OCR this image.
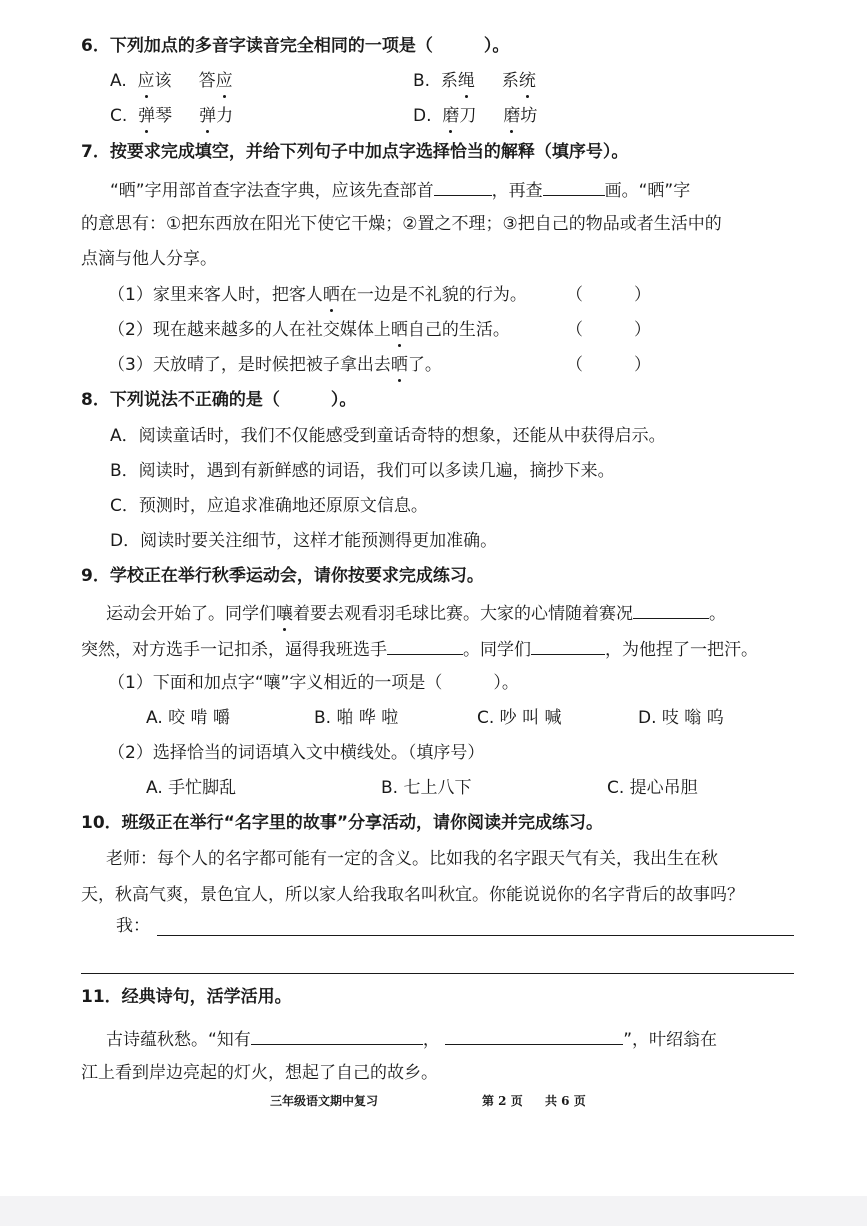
6．下列加点的多音字读音完全相同的一项是（　　　）。
A. 应该 答应	B. 系绳 系统
C. 弹琴 弹力	D. 磨刀 磨坊
7．按要求完成填空，并给下列句子中加点字选择恰当的解释（填序号）。
“晒”字用部首查字法查字典，应该先查部首	，再查	画。“晒”字
的意思有：①把东西放在阳光下使它干燥；②置之不理；③把自己的物品或者生活中的
点滴与他人分享。
（1）家里来客人时，把客人晒在一边是不礼貌的行为。 （　　　）
（2）现在越来越多的人在社交媒体上晒自己的生活。	（　　　）
（3）天放晴了，是时候把被子拿出去晒了。	（　　　）
8．下列说法不正确的是（　　　）。
A．阅读童话时，我们不仅能感受到童话奇特的想象，还能从中获得启示。
B．阅读时，遇到有新鲜感的词语，我们可以多读几遍，摘抄下来。
C．预测时，应追求准确地还原原文信息。
D．阅读时要关注细节，这样才能预测得更加准确。
9．学校正在举行秋季运动会，请你按要求完成练习。
运动会开始了。同学们嚷着要去观看羽毛球比赛。大家的心情随着赛况	。
突然，对方选手一记扣杀，逼得我班选手	。同学们	，为他捏了一把汗。
（1）下面和加点字“嚷”字义相近的一项是（　　　）。
A. 咬 啃 嚼	B. 啪 哗 啦	C. 吵 叫 喊	D. 吱 嗡 呜
（2）选择恰当的词语填入文中横线处。（填序号）
A. 手忙脚乱	B. 七上八下	C. 提心吊胆
10．班级正在举行“名字里的故事”分享活动，请你阅读并完成练习。
老师：每个人的名字都可能有一定的含义。比如我的名字跟天气有关，我出生在秋
天，秋高气爽，景色宜人，所以家人给我取名叫秋宜。你能说说你的名字背后的故事吗？
我：
11．经典诗句，活学活用。
古诗蕴秋愁。“知有	，	”，叶绍翁在
江上看到岸边亮起的灯火，想起了自己的故乡。
三年级语文期中复习	第 2 页 共 6 页
